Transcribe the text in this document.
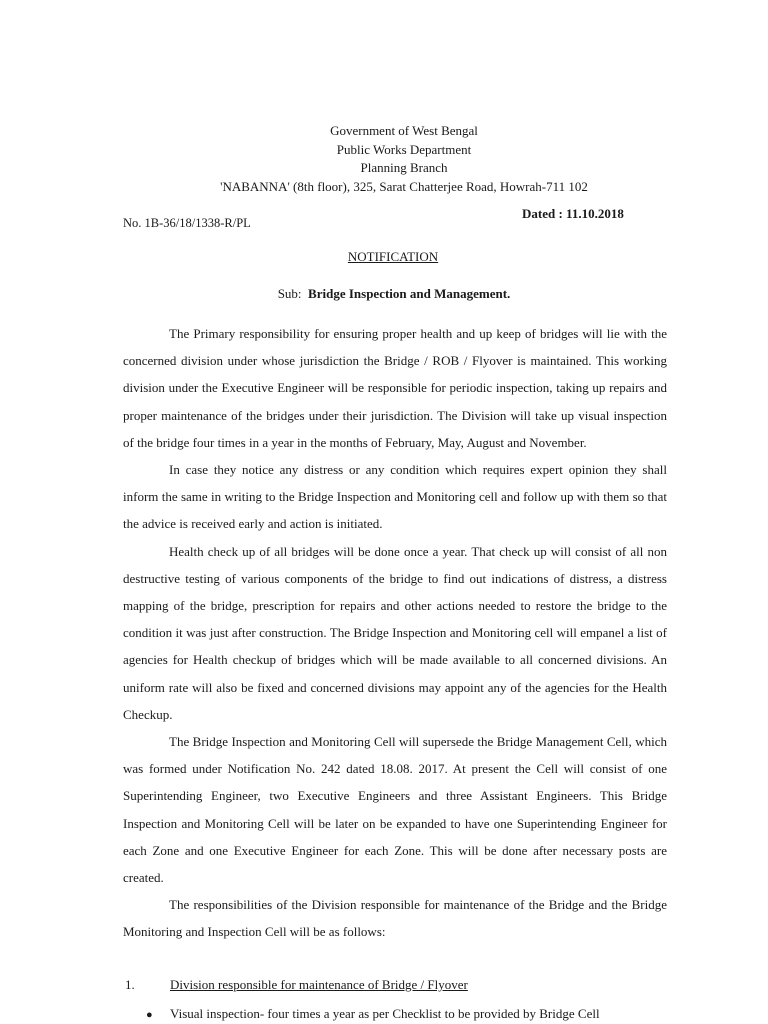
Government of West Bengal
Public Works Department
Planning Branch
'NABANNA' (8th floor), 325, Sarat Chatterjee Road, Howrah-711 102
No. 1B-36/18/1338-R/PL
Dated : 11.10.2018
NOTIFICATION
Sub: Bridge Inspection and Management.

The Primary responsibility for ensuring proper health and up keep of bridges will lie with the concerned division under whose jurisdiction the Bridge / ROB / Flyover is maintained. This working division under the Executive Engineer will be responsible for periodic inspection, taking up repairs and proper maintenance of the bridges under their jurisdiction. The Division will take up visual inspection of the bridge four times in a year in the months of February, May, August and November.

In case they notice any distress or any condition which requires expert opinion they shall inform the same in writing to the Bridge Inspection and Monitoring cell and follow up with them so that the advice is received early and action is initiated.

Health check up of all bridges will be done once a year. That check up will consist of all non destructive testing of various components of the bridge to find out indications of distress, a distress mapping of the bridge, prescription for repairs and other actions needed to restore the bridge to the condition it was just after construction. The Bridge Inspection and Monitoring cell will empanel a list of agencies for Health checkup of bridges which will be made available to all concerned divisions. An uniform rate will also be fixed and concerned divisions may appoint any of the agencies for the Health Checkup.

The Bridge Inspection and Monitoring Cell will supersede the Bridge Management Cell, which was formed under Notification No. 242 dated 18.08. 2017. At present the Cell will consist of one Superintending Engineer, two Executive Engineers and three Assistant Engineers. This Bridge Inspection and Monitoring Cell will be later on be expanded to have one Superintending Engineer for each Zone and one Executive Engineer for each Zone. This will be done after necessary posts are created.

The responsibilities of the Division responsible for maintenance of the Bridge and the Bridge Monitoring and Inspection Cell will be as follows:

1.	Division responsible for maintenance of Bridge / Flyover
● Visual inspection- four times a year as per Checklist to be provided by Bridge Cell
